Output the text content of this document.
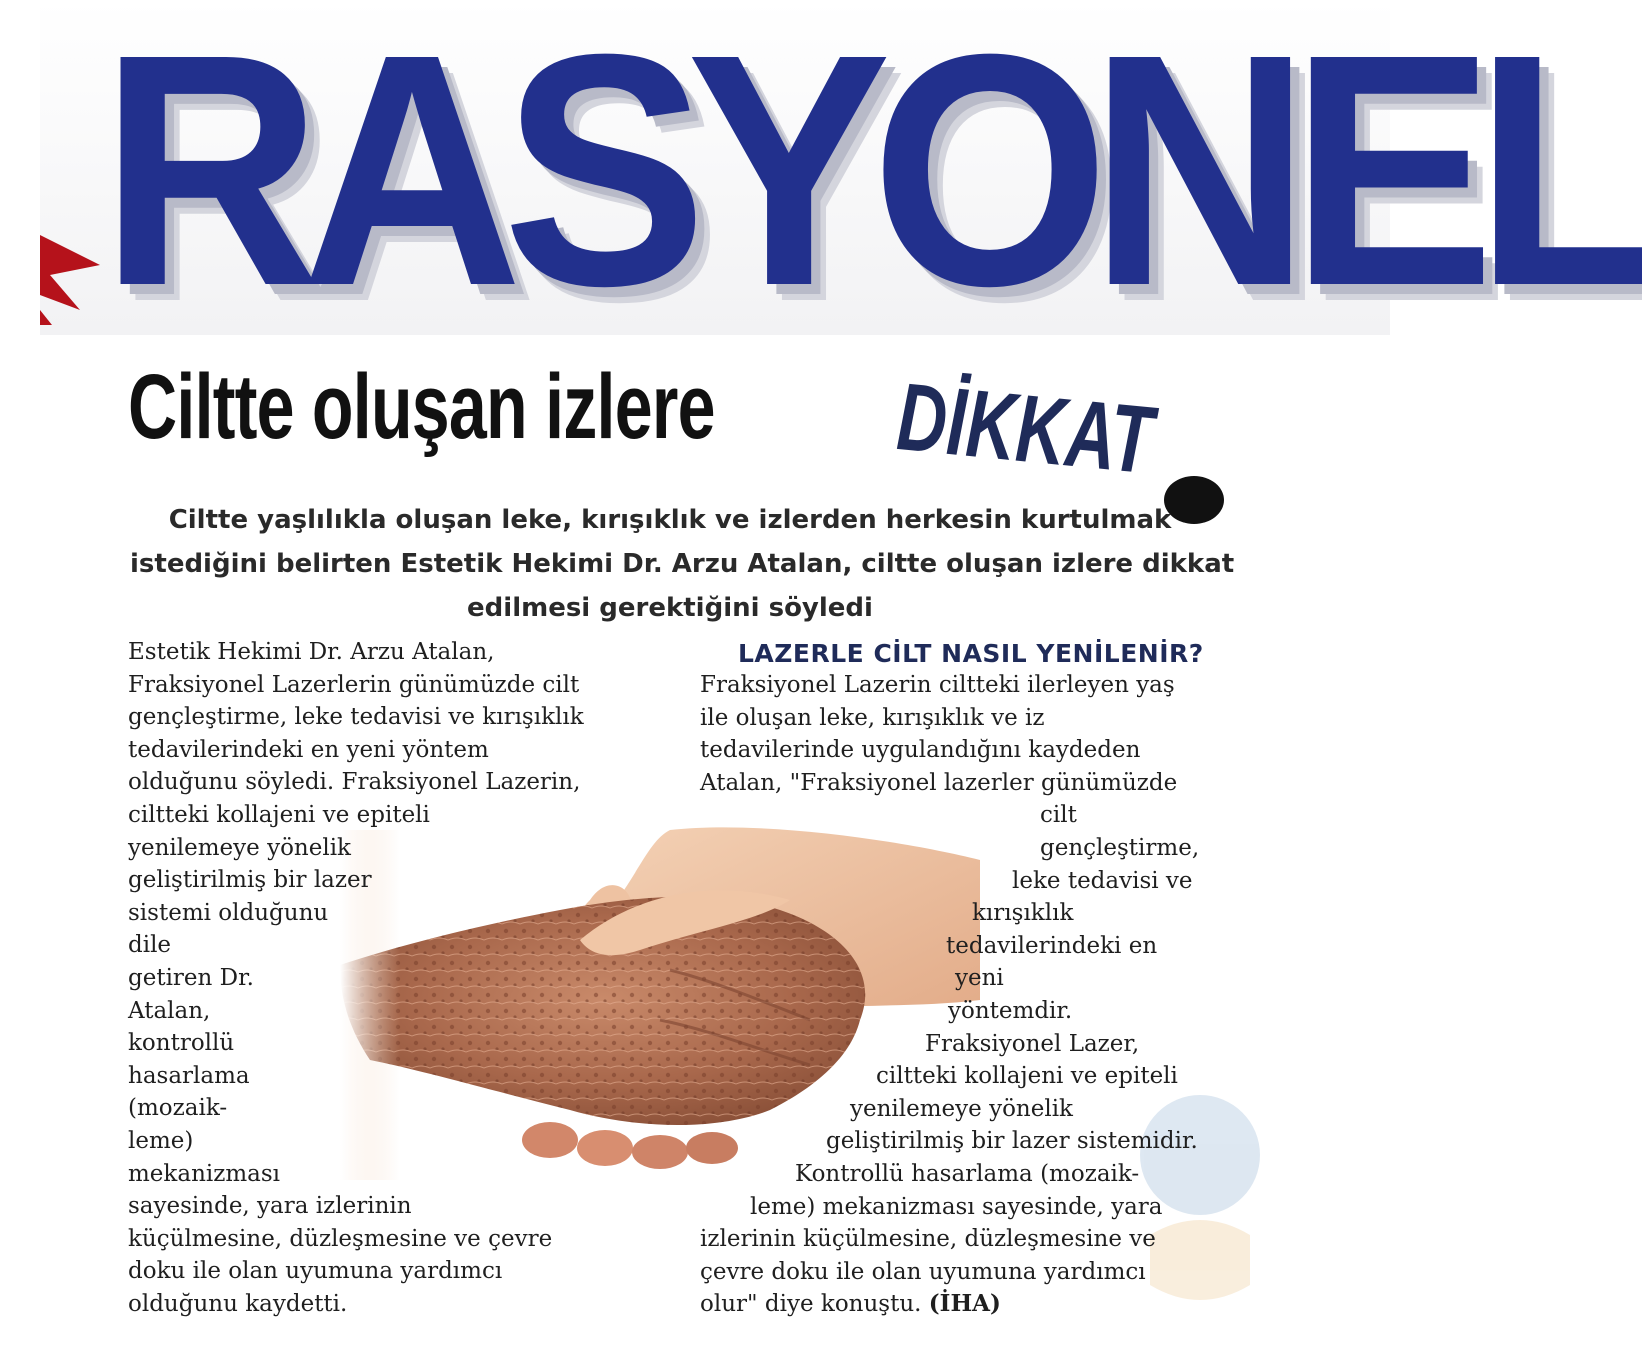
R A S Y O N E L
Ciltte oluşan izlere DİKKAT
Ciltte yaşlılıkla oluşan leke, kırışıklık ve izlerden herkesin kurtulmak
istediğini belirten Estetik Hekimi Dr. Arzu Atalan, ciltte oluşan izlere dikkat
edilmesi gerektiğini söyledi
Estetik Hekimi Dr. Arzu Atalan,
Fraksiyonel Lazerlerin günümüzde cilt
gençleştirme, leke tedavisi ve kırışıklık
tedavilerindeki en yeni yöntem
olduğunu söyledi. Fraksiyonel Lazerin,
ciltteki kollajeni ve epiteli
yenilemeye yönelik
geliştirilmiş bir lazer
sistemi olduğunu
dile
getiren Dr.
Atalan,
kontrollü
hasarlama
(mozaik-
leme)
mekanizması
sayesinde, yara izlerinin
küçülmesine, düzleşmesine ve çevre
doku ile olan uyumuna yardımcı
olduğunu kaydetti.
LAZERLE CİLT NASIL YENİLENİR?
Fraksiyonel Lazerin ciltteki ilerleyen yaş
ile oluşan leke, kırışıklık ve iz
tedavilerinde uygulandığını kaydeden
Atalan, "Fraksiyonel lazerler günümüzde
cilt
gençleştirme,
leke tedavisi ve
kırışıklık
tedavilerindeki en
yeni
yöntemdir.
Fraksiyonel Lazer,
ciltteki kollajeni ve epiteli
yenilemeye yönelik
geliştirilmiş bir lazer sistemidir.
Kontrollü hasarlama (mozaik-
leme) mekanizması sayesinde, yara
izlerinin küçülmesine, düzleşmesine ve
çevre doku ile olan uyumuna yardımcı
olur" diye konuştu. (İHA)
